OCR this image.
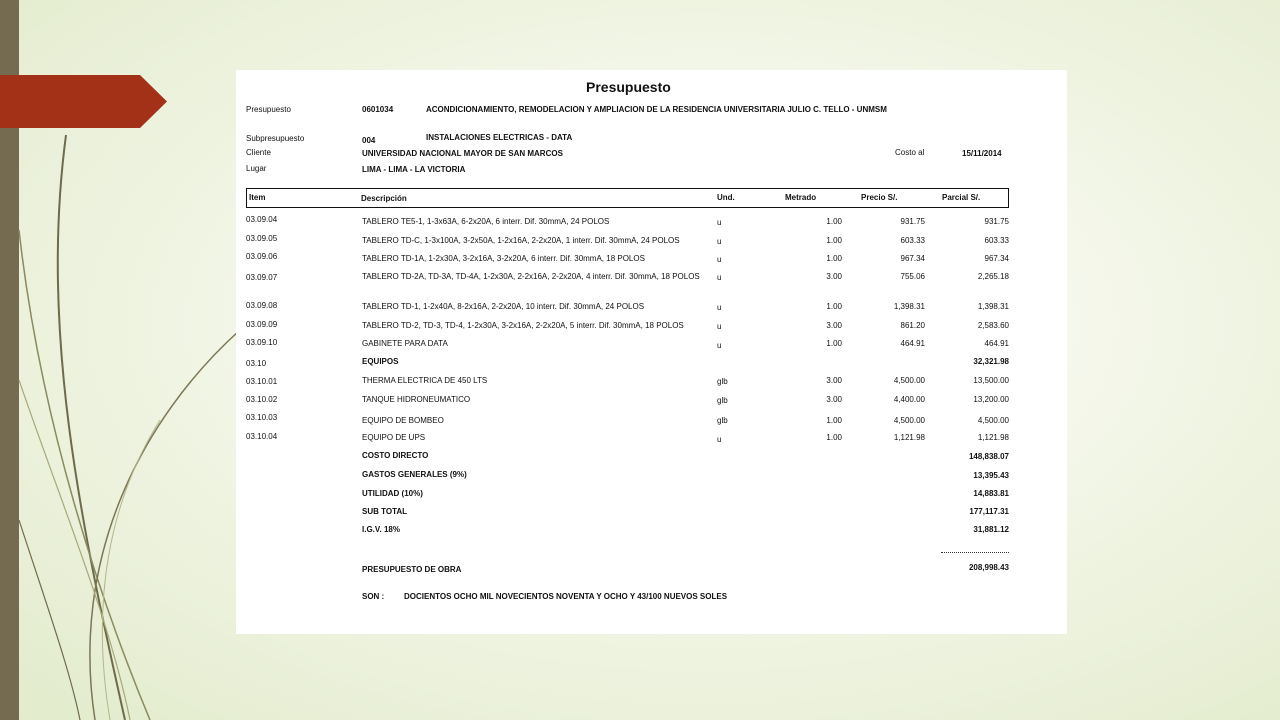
Presupuesto
Presupuesto	0601034	ACONDICIONAMIENTO, REMODELACION Y AMPLIACION DE LA RESIDENCIA UNIVERSITARIA JULIO C. TELLO - UNMSM
Subpresupuesto	004	INSTALACIONES ELECTRICAS - DATA
Cliente	UNIVERSIDAD NACIONAL MAYOR DE SAN MARCOS	Costo al	15/11/2014
Lugar	LIMA - LIMA - LA VICTORIA
Item	Descripción	Und.	Metrado	Precio S/.	Parcial S/.
03.09.04	TABLERO TE5-1, 1-3x63A, 6-2x20A, 6 interr. Dif. 30mmA, 24 POLOS	u	1.00	931.75	931.75
03.09.05	TABLERO TD-C, 1-3x100A, 3-2x50A, 1-2x16A, 2-2x20A, 1 interr. Dif. 30mmA, 24 POLOS	u	1.00	603.33	603.33
03.09.06	TABLERO TD-1A, 1-2x30A, 3-2x16A, 3-2x20A, 6 interr. Dif. 30mmA, 18 POLOS	u	1.00	967.34	967.34
03.09.07	TABLERO TD-2A, TD-3A, TD-4A, 1-2x30A, 2-2x16A, 2-2x20A, 4 interr. Dif. 30mmA, 18 POLOS u	3.00	755.06	2,265.18
03.09.08	TABLERO TD-1, 1-2x40A, 8-2x16A, 2-2x20A, 10 interr. Dif. 30mmA, 24 POLOS	u	1.00	1,398.31	1,398.31
03.09.09	TABLERO TD-2, TD-3, TD-4, 1-2x30A, 3-2x16A, 2-2x20A, 5 interr. Dif. 30mmA, 18 POLOS	u	3.00	861.20	2,583.60
03.09.10	GABINETE PARA DATA	u	1.00	464.91	464.91
03.10	EQUIPOS	32,321.98
03.10.01	THERMA ELECTRICA DE 450 LTS	glb	3.00	4,500.00	13,500.00
03.10.02	TANQUE HIDRONEUMATICO	glb	3.00	4,400.00	13,200.00
03.10.03	EQUIPO DE BOMBEO	glb	1.00	4,500.00	4,500.00
03.10.04	EQUIPO DE UPS	u	1.00	1,121.98	1,121.98
COSTO DIRECTO	148,838.07
GASTOS GENERALES (9%)	13,395.43
UTILIDAD (10%)	14,883.81
SUB TOTAL	177,117.31
I.G.V. 18%	31,881.12
PRESUPUESTO DE OBRA	208,998.43
SON : DOCIENTOS OCHO MIL NOVECIENTOS NOVENTA Y OCHO Y 43/100 NUEVOS SOLES
